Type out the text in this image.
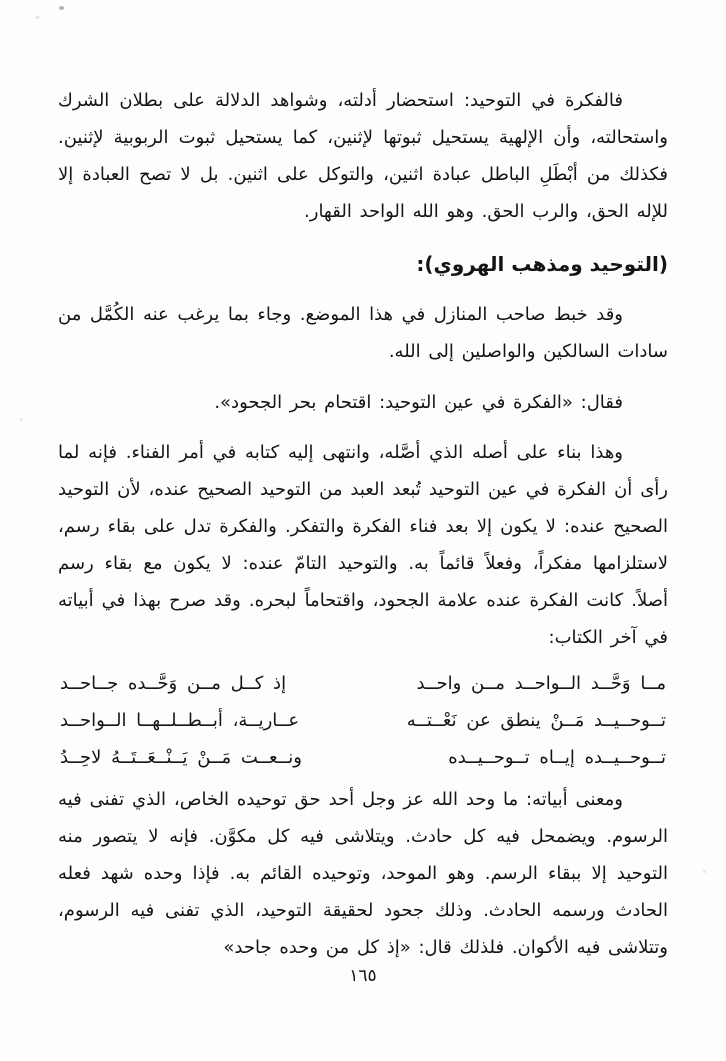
فالفكرة في التوحيد: استحضار أدلته، وشواهد الدلالة على بطلان الشرك واستحالته، وأن الإلهية يستحيل ثبوتها لإثنين، كما يستحيل ثبوت الربوبية لإثنين. فكذلك من أبْطَلِ الباطل عبادة اثنين، والتوكل على اثنين. بل لا تصح العبادة إلا للإله الحق، والرب الحق. وهو الله الواحد القهار.

(التوحيد ومذهب الهروي):

وقد خبط صاحب المنازل في هذا الموضع. وجاء بما يرغب عنه الكُمَّل من سادات السالكين والواصلين إلى الله.

فقال: «الفكرة في عين التوحيد: اقتحام بحر الجحود».

وهذا بناء على أصله الذي أصَّله، وانتهى إليه كتابه في أمر الفناء. فإنه لما رأى أن الفكرة في عين التوحيد تُبعد العبد من التوحيد الصحيح عنده، لأن التوحيد الصحيح عنده: لا يكون إلا بعد فناء الفكرة والتفكر. والفكرة تدل على بقاء رسم، لاستلزامها مفكراً، وفعلاً قائماً به. والتوحيد التامّ عنده: لا يكون مع بقاء رسم أصلاً. كانت الفكرة عنده علامة الجحود، واقتحاماً لبحره. وقد صرح بهذا في أبياته في آخر الكتاب:

مــا وَحَّــد الــواحــد مــن واحــد
إذ كــل مــن وَحَّــده جــاحــد
تــوحــيــد مَــنْ ينطق عن نَعْــتــه
عــاريــة، أبــطــلــهــا الــواحــد
تــوحــيــده إيــاه تــوحــيــده
ونــعــت مَــنْ يَــنْــعَــتَــهُ لاحِــدُ

ومعنى أبياته: ما وحد الله عز وجل أحد حق توحيده الخاص، الذي تفنى فيه الرسوم. ويضمحل فيه كل حادث. ويتلاشى فيه كل مكوَّن. فإنه لا يتصور منه التوحيد إلا ببقاء الرسم. وهو الموحد، وتوحيده القائم به. فإذا وحده شهد فعله الحادث ورسمه الحادث. وذلك جحود لحقيقة التوحيد، الذي تفنى فيه الرسوم، وتتلاشى فيه الأكوان. فلذلك قال: «إذ كل من وحده جاحد»

١٦٥
